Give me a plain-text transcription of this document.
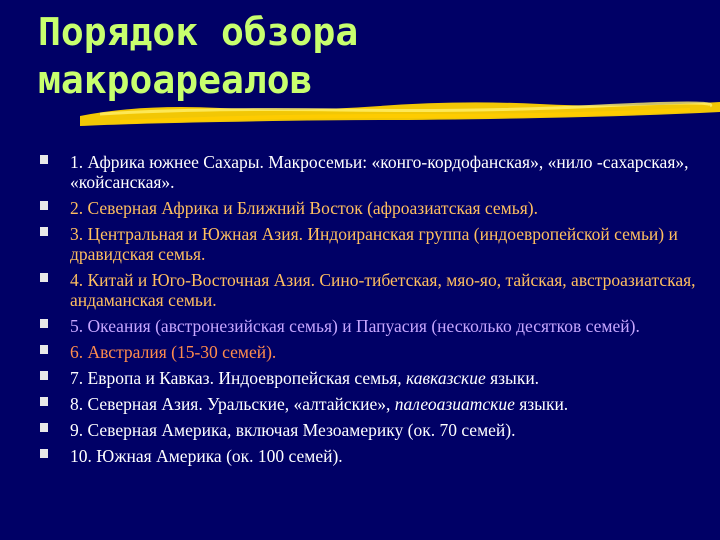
Порядок обзора
макроареалов
1. Африка южнее Сахары. Макросемьи: «конго-кордофанская», «нило -сахарская», «койсанская».
2. Северная Африка и Ближний Восток (афроазиатская семья).
3. Центральная и Южная Азия. Индоиранская группа (индоевропейской семьи) и дравидская семья.
4. Китай и Юго-Восточная Азия. Сино-тибетская, мяо-яо, тайская, австроазиатская, андаманская семьи.
5. Океания (австронезийская семья) и Папуасия (несколько десятков семей).
6. Австралия (15-30 семей).
7. Европа и Кавказ. Индоевропейская семья, кавказские языки.
8. Северная Азия. Уральские, «алтайские», палеоазиатские языки.
9. Северная Америка, включая Мезоамерику (ок. 70 семей).
10. Южная Америка (ок. 100 семей).
